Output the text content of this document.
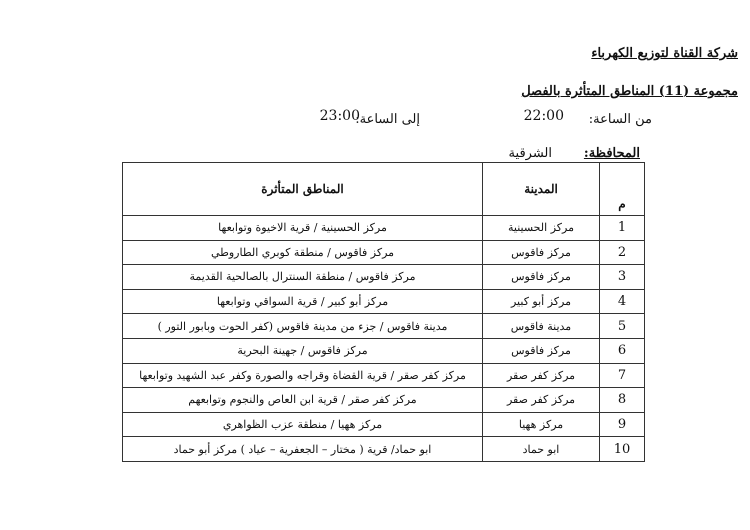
شركة القناة لتوزيع الكهرباء
مجموعة (11) المناطق المتأثرة بالفصل
من الساعة:
22:00
إلى الساعة:
23:00
المحافظة:
الشرقية
م	المدينة	المناطق المتأثرة
1	مركز الحسينية	مركز الحسينية / قرية الاخيوة وتوابعها
2	مركز فاقوس	مركز فاقوس / منطقة كوبري الطاروطي
3	مركز فاقوس	مركز فاقوس / منطقة السنترال بالصالحية القديمة
4	مركز أبو كبير	مركز أبو كبير / قرية السواقي وتوابعها
5	مدينة فاقوس	مدينة فاقوس / جزء من مدينة فاقوس (كفر الحوت وبابور التور )
6	مركز فاقوس	مركز فاقوس / جهينة البحرية
7	مركز كفر صقر	مركز كفر صقر / قرية القضاة وقراجه والصورة وكفر عبد الشهيد وتوابعها
8	مركز كفر صقر	مركز كفر صقر / قرية ابن العاص والنجوم وتوابعهم
9	مركز ههيا	مركز ههيا / منطقة عزب الظواهري
10	ابو حماد	ابو حماد/ قرية ( مختار – الجعفرية – عياد ) مركز أبو حماد
